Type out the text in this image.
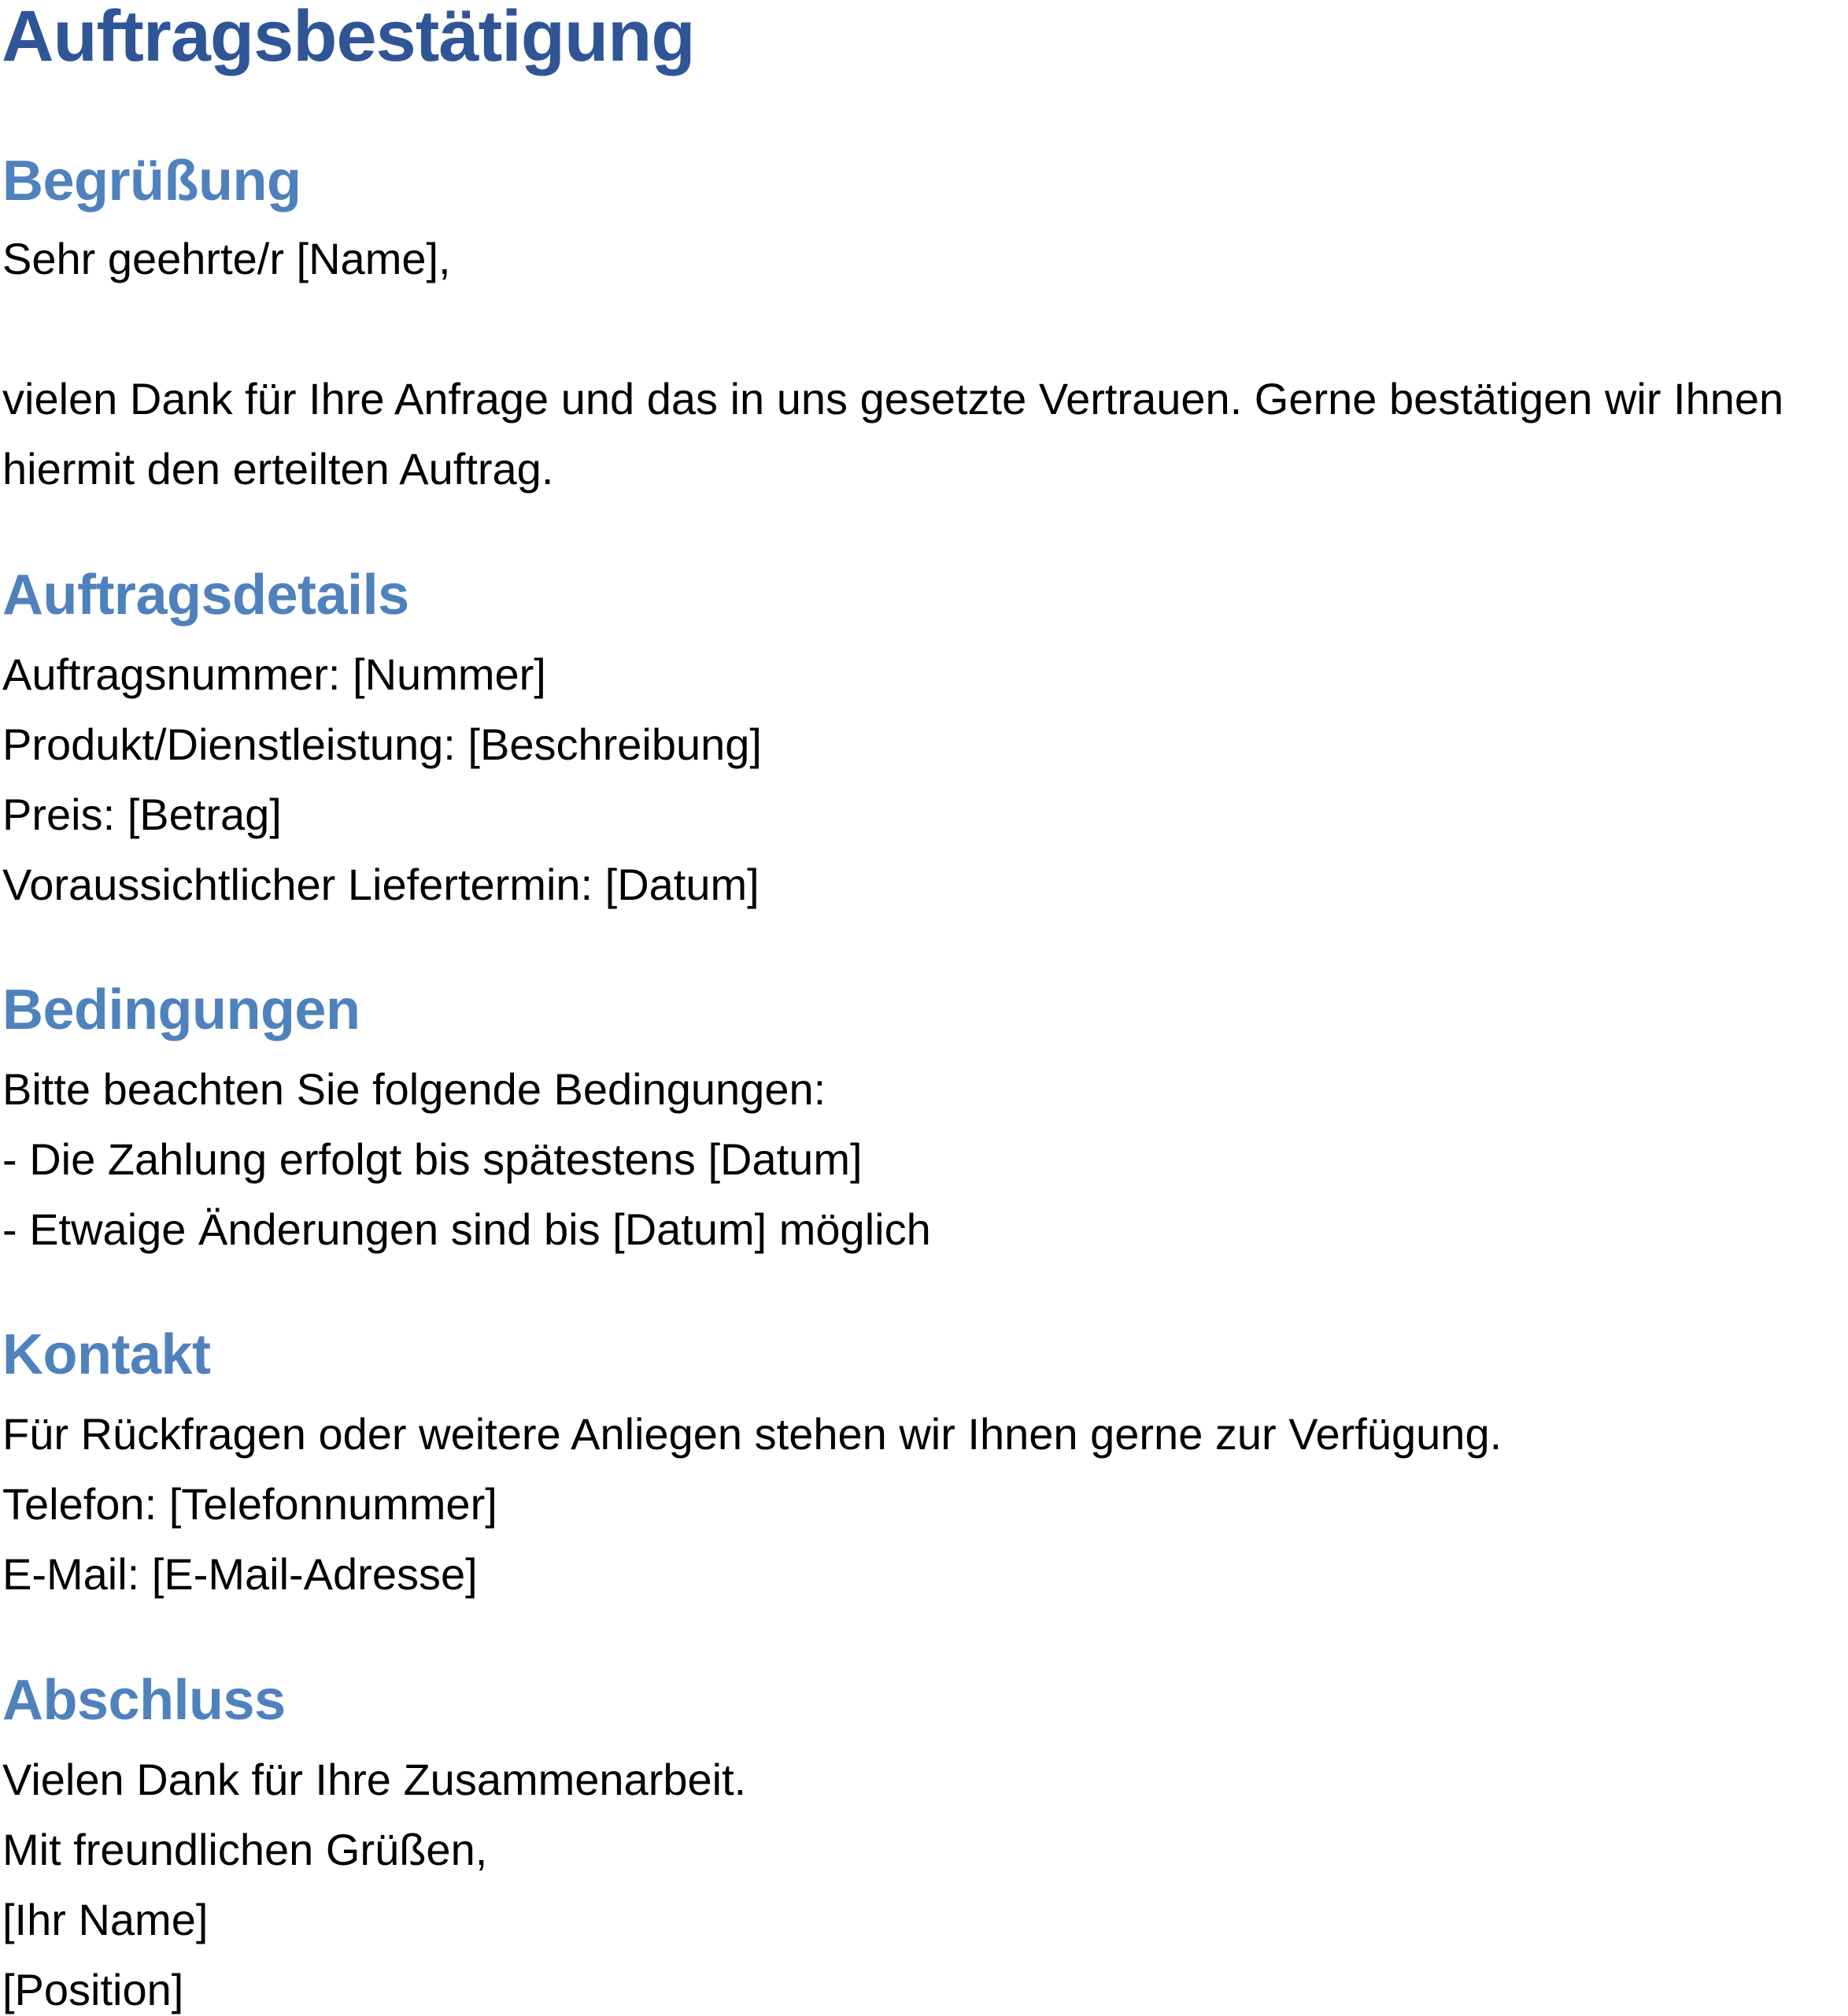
Auftragsbestätigung
Begrüßung

Sehr geehrte/r [Name],

vielen Dank für Ihre Anfrage und das in uns gesetzte Vertrauen. Gerne bestätigen wir Ihnen

hiermit den erteilten Auftrag.

Auftragsdetails

Auftragsnummer: [Nummer]

Produkt/Dienstleistung: [Beschreibung]

Preis: [Betrag]

Voraussichtlicher Liefertermin: [Datum]

Bedingungen

Bitte beachten Sie folgende Bedingungen:

- Die Zahlung erfolgt bis spätestens [Datum]

- Etwaige Änderungen sind bis [Datum] möglich

Kontakt

Für Rückfragen oder weitere Anliegen stehen wir Ihnen gerne zur Verfügung.

Telefon: [Telefonnummer]

E-Mail: [E-Mail-Adresse]

Abschluss

Vielen Dank für Ihre Zusammenarbeit.

Mit freundlichen Grüßen,

[Ihr Name]

[Position]
